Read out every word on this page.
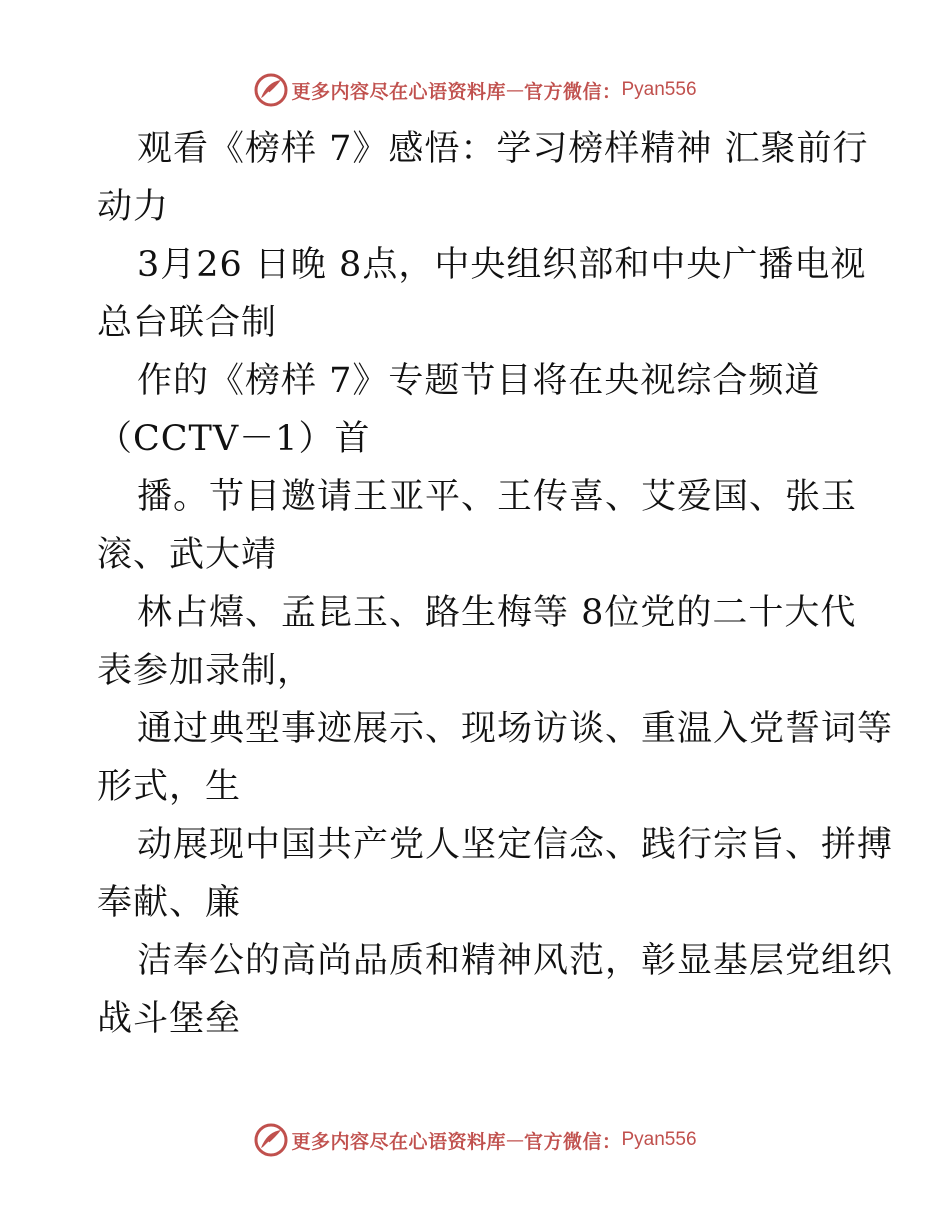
更多内容尽在心语资料库 — 官方微信： Pyan556
观看《榜样 7》感悟：学习榜样精神 汇聚前行
动力
3月26 日晚 8点，中央组织部和中央广播电视
总台联合制
作的《榜样 7》专题节目将在央视综合频道
（CCTV－1）首
播。节目邀请王亚平、王传喜、艾爱国、张玉
滚、武大靖
林占熺、孟昆玉、路生梅等 8位党的二十大代
表参加录制，
通过典型事迹展示、现场访谈、重温入党誓词等
形式，生
动展现中国共产党人坚定信念、践行宗旨、拼搏
奉献、廉
洁奉公的高尚品质和精神风范，彰显基层党组织
战斗堡垒
更多内容尽在心语资料库 — 官方微信： Pyan556
